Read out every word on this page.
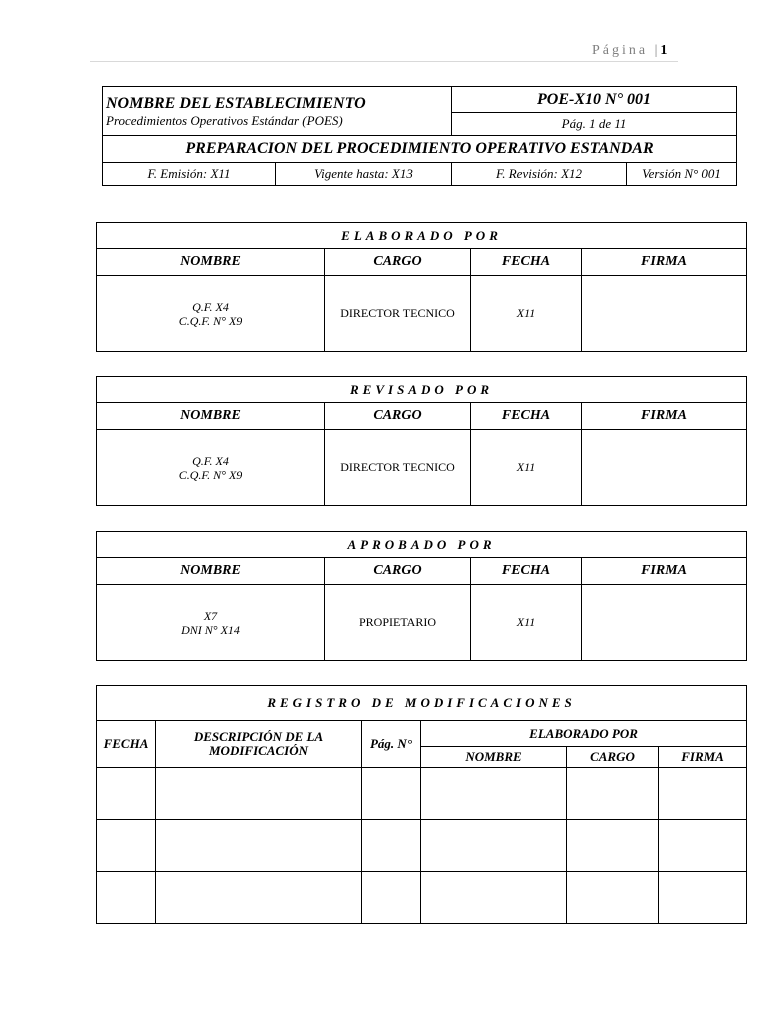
Página |1
NOMBRE DEL ESTABLECIMIENTO
Procedimientos Operativos Estándar (POES)		POE-X10 N° 001	
		Pág. 1 de 11	
PREPARACION DEL PROCEDIMIENTO OPERATIVO ESTANDAR			
F. Emisión: X11	Vigente hasta: X13	F. Revisión: X12	Versión N° 001
ELABORADO POR			
NOMBRE	CARGO	FECHA	FIRMA

Q.F. X4
C.Q.F. N° X9	DIRECTOR TECNICO	X11	
REVISADO POR			
NOMBRE	CARGO	FECHA	FIRMA

Q.F. X4
C.Q.F. N° X9	DIRECTOR TECNICO	X11	
APROBADO POR			
NOMBRE	CARGO	FECHA	FIRMA

X7
DNI N° X14	PROPIETARIO	X11	
REGISTRO DE MODIFICACIONES					
FECHA	DESCRIPCIÓN DE LA MODIFICACIÓN	Pág. N°	ELABORADO POR		
			NOMBRE	CARGO	FIRMA
